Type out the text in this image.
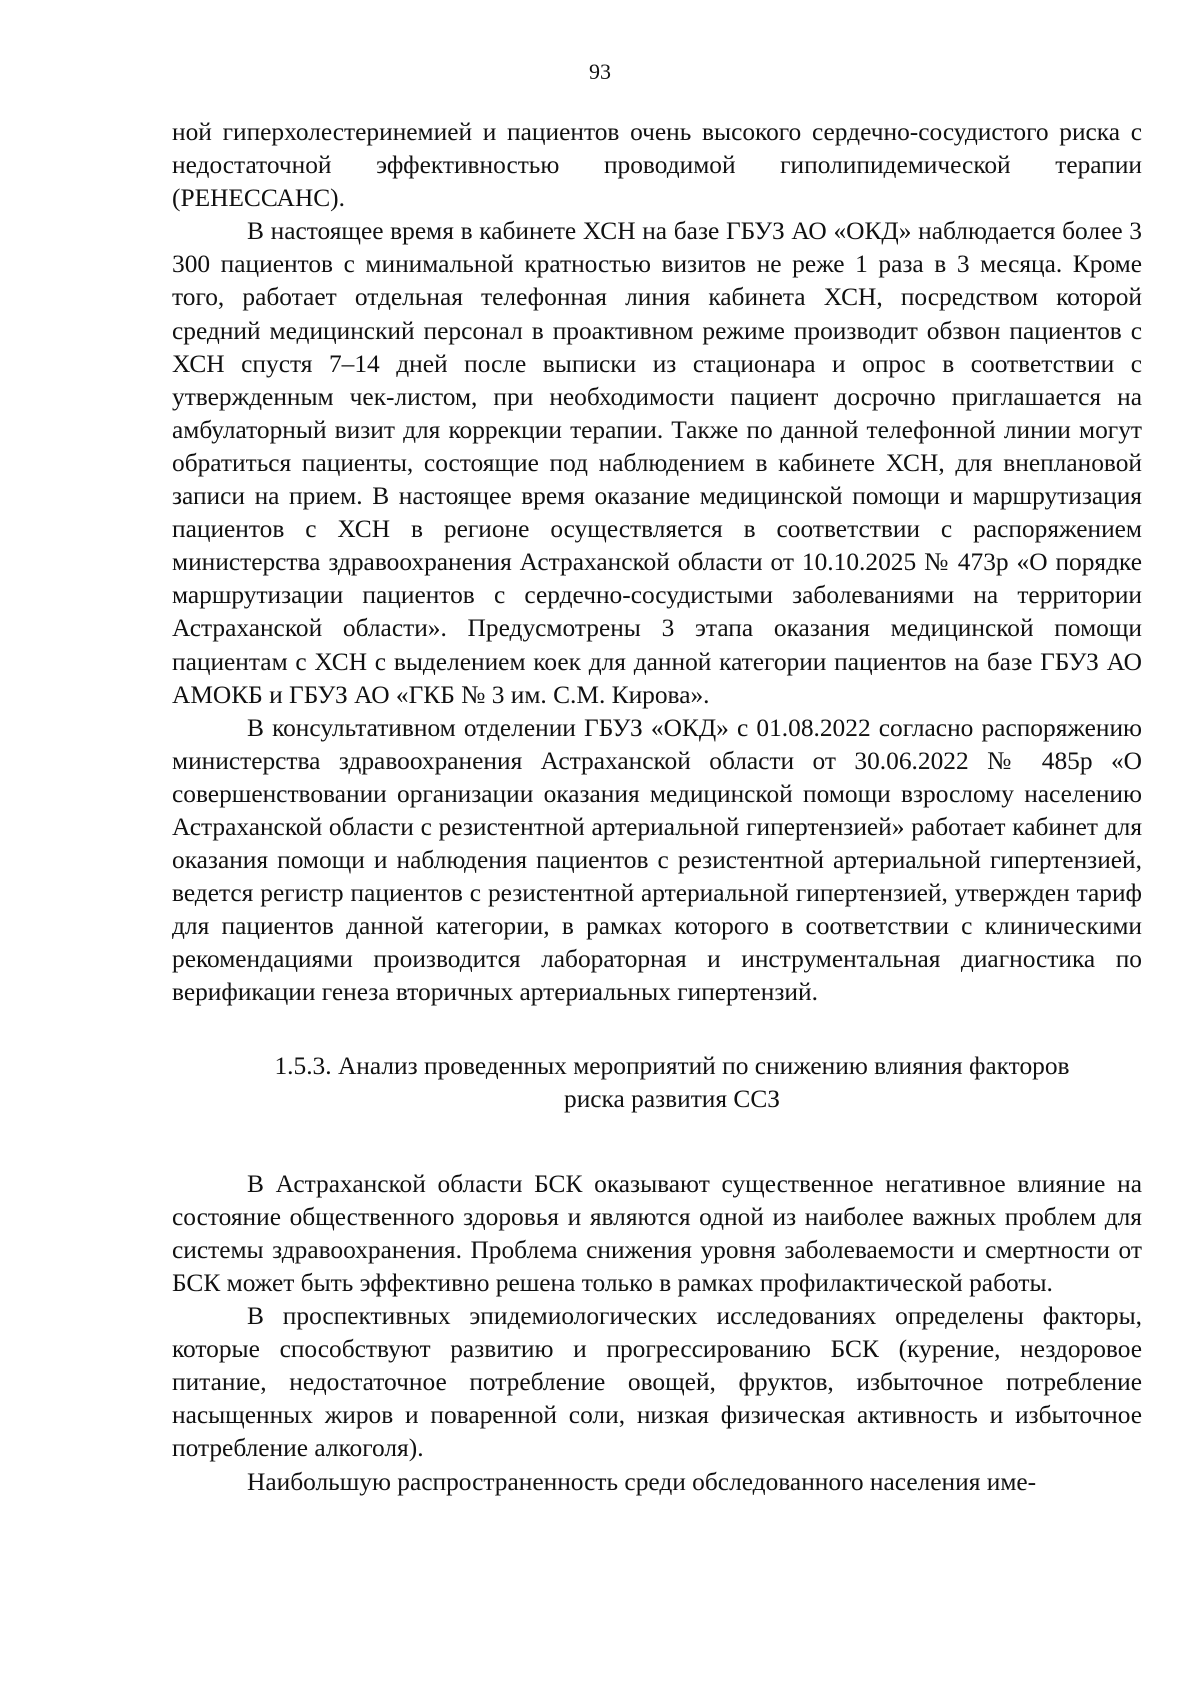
93

ной гиперхолестеринемией и пациентов очень высокого сердечно-сосудистого риска с недостаточной эффективностью проводимой гиполипидемической терапии (РЕНЕССАНС).

В настоящее время в кабинете ХСН на базе ГБУЗ АО «ОКД» наблюдается более 3 300 пациентов с минимальной кратностью визитов не реже 1 раза в 3 месяца. Кроме того, работает отдельная телефонная линия кабинета ХСН, посредством которой средний медицинский персонал в проактивном режиме производит обзвон пациентов с ХСН спустя 7–14 дней после выписки из стационара и опрос в соответствии с утвержденным чек-листом, при необходимости пациент досрочно приглашается на амбулаторный визит для коррекции терапии. Также по данной телефонной линии могут обратиться пациенты, состоящие под наблюдением в кабинете ХСН, для внеплановой записи на прием. В настоящее время оказание медицинской помощи и маршрутизация пациентов с ХСН в регионе осуществляется в соответствии с распоряжением министерства здравоохранения Астраханской области от 10.10.2025 № 473р «О порядке маршрутизации пациентов с сердечно-сосудистыми заболеваниями на территории Астраханской области». Предусмотрены 3 этапа оказания медицинской помощи пациентам с ХСН с выделением коек для данной категории пациентов на базе ГБУЗ АО АМОКБ и ГБУЗ АО «ГКБ № 3 им. С.М. Кирова».

В консультативном отделении ГБУЗ «ОКД» с 01.08.2022 согласно распоряжению министерства здравоохранения Астраханской области от 30.06.2022 № 485р «О совершенствовании организации оказания медицинской помощи взрослому населению Астраханской области с резистентной артериальной гипертензией» работает кабинет для оказания помощи и наблюдения пациентов с резистентной артериальной гипертензией, ведется регистр пациентов с резистентной артериальной гипертензией, утвержден тариф для пациентов данной категории, в рамках которого в соответствии с клиническими рекомендациями производится лабораторная и инструментальная диагностика по верификации генеза вторичных артериальных гипертензий.

1.5.3. Анализ проведенных мероприятий по снижению влияния факторов риска развития ССЗ

В Астраханской области БСК оказывают существенное негативное влияние на состояние общественного здоровья и являются одной из наиболее важных проблем для системы здравоохранения. Проблема снижения уровня заболеваемости и смертности от БСК может быть эффективно решена только в рамках профилактической работы.

В проспективных эпидемиологических исследованиях определены факторы, которые способствуют развитию и прогрессированию БСК (курение, нездоровое питание, недостаточное потребление овощей, фруктов, избыточное потребление насыщенных жиров и поваренной соли, низкая физическая активность и избыточное потребление алкоголя).

Наибольшую распространенность среди обследованного населения име-
